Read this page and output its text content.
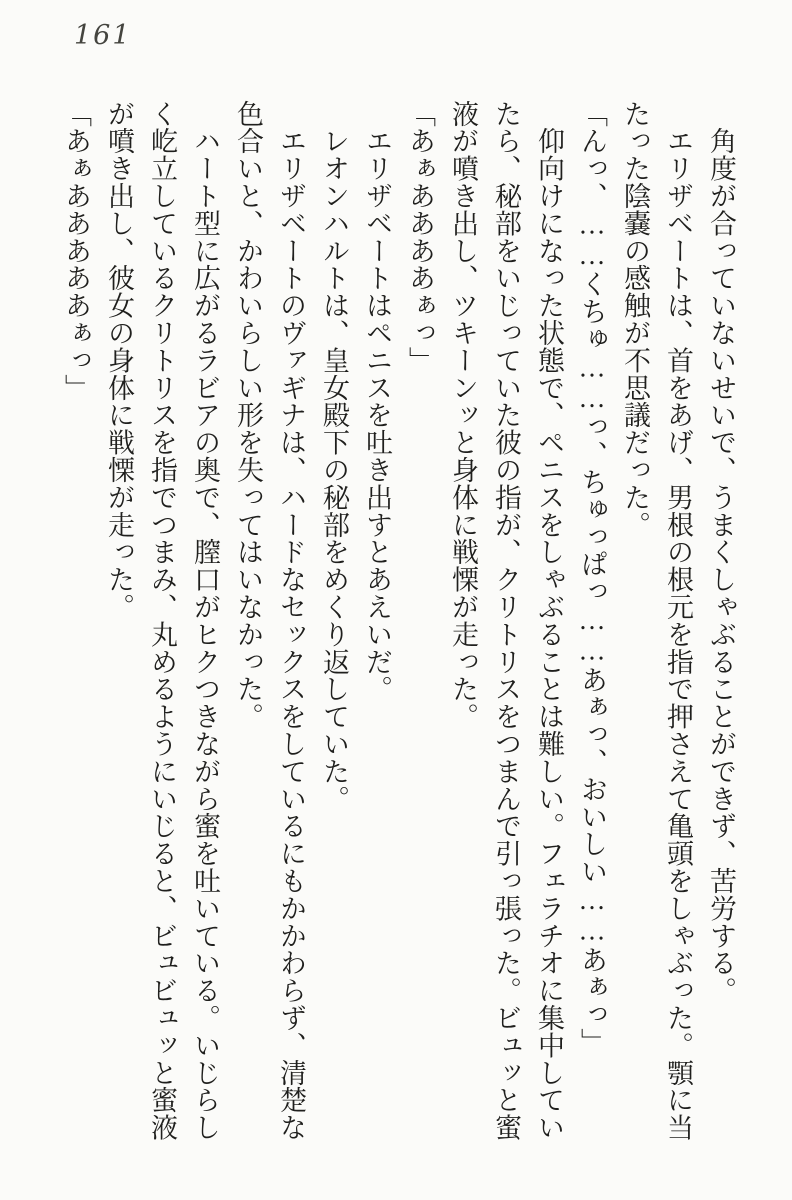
161

　角度が合っていないせいで、うまくしゃぶることができず、苦労する。

　エリザベートは、首をあげ、男根の根元を指で押さえて亀頭をしゃぶった。顎に当たった陰嚢の感触が不思議だった。

「んっ、……くちゅ……っ、ちゅっぱっ……あぁっ、おいしい……あぁっ」

　仰向けになった状態で、ペニスをしゃぶることは難しい。フェラチオに集中していたら、秘部をいじっていた彼の指が、クリトリスをつまんで引っ張った。ビュッと蜜液が噴き出し、ツキーンッと身体に戦慄が走った。

「あぁああああぁっ」

　エリザベートはペニスを吐き出すとあえいだ。

　レオンハルトは、皇女殿下の秘部をめくり返していた。

　エリザベートのヴァギナは、ハードなセックスをしているにもかかわらず、清楚な色合いと、かわいらしい形を失ってはいなかった。

　ハート型に広がるラビアの奥で、膣口がヒクつきながら蜜を吐いている。いじらしく屹立しているクリトリスを指でつまみ、丸めるようにいじると、ビュビュッと蜜液が噴き出し、彼女の身体に戦慄が走った。

「あぁあああああぁっ」
